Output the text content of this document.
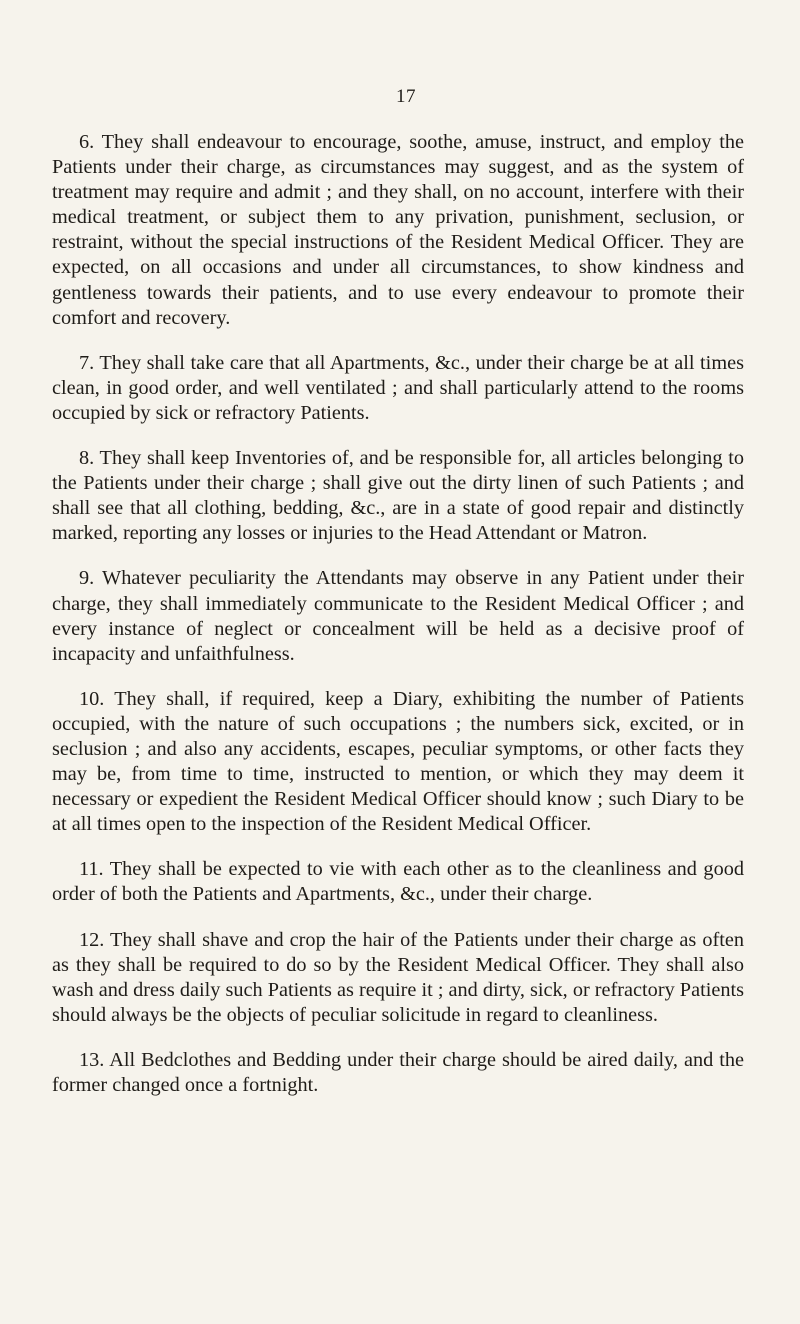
17

6. They shall endeavour to encourage, soothe, amuse, instruct, and employ the Patients under their charge, as circumstances may suggest, and as the system of treatment may require and admit ; and they shall, on no account, interfere with their medical treatment, or subject them to any privation, punishment, seclusion, or restraint, without the special instructions of the Resident Medical Officer. They are expected, on all occasions and under all circumstances, to show kindness and gentleness towards their patients, and to use every endeavour to promote their comfort and recovery.

7. They shall take care that all Apartments, &c., under their charge be at all times clean, in good order, and well ventilated ; and shall particularly attend to the rooms occupied by sick or refractory Patients.

8. They shall keep Inventories of, and be responsible for, all articles belonging to the Patients under their charge ; shall give out the dirty linen of such Patients ; and shall see that all clothing, bedding, &c., are in a state of good repair and distinctly marked, reporting any losses or injuries to the Head Attendant or Matron.

9. Whatever peculiarity the Attendants may observe in any Patient under their charge, they shall immediately communicate to the Resident Medical Officer ; and every instance of neglect or concealment will be held as a decisive proof of incapacity and unfaithfulness.

10. They shall, if required, keep a Diary, exhibiting the number of Patients occupied, with the nature of such occupations ; the numbers sick, excited, or in seclusion ; and also any accidents, escapes, peculiar symptoms, or other facts they may be, from time to time, instructed to mention, or which they may deem it necessary or expedient the Resident Medical Officer should know ; such Diary to be at all times open to the inspection of the Resident Medical Officer.

11. They shall be expected to vie with each other as to the cleanliness and good order of both the Patients and Apartments, &c., under their charge.

12. They shall shave and crop the hair of the Patients under their charge as often as they shall be required to do so by the Resident Medical Officer. They shall also wash and dress daily such Patients as require it ; and dirty, sick, or refractory Patients should always be the objects of peculiar solicitude in regard to cleanliness.

13. All Bedclothes and Bedding under their charge should be aired daily, and the former changed once a fortnight.
